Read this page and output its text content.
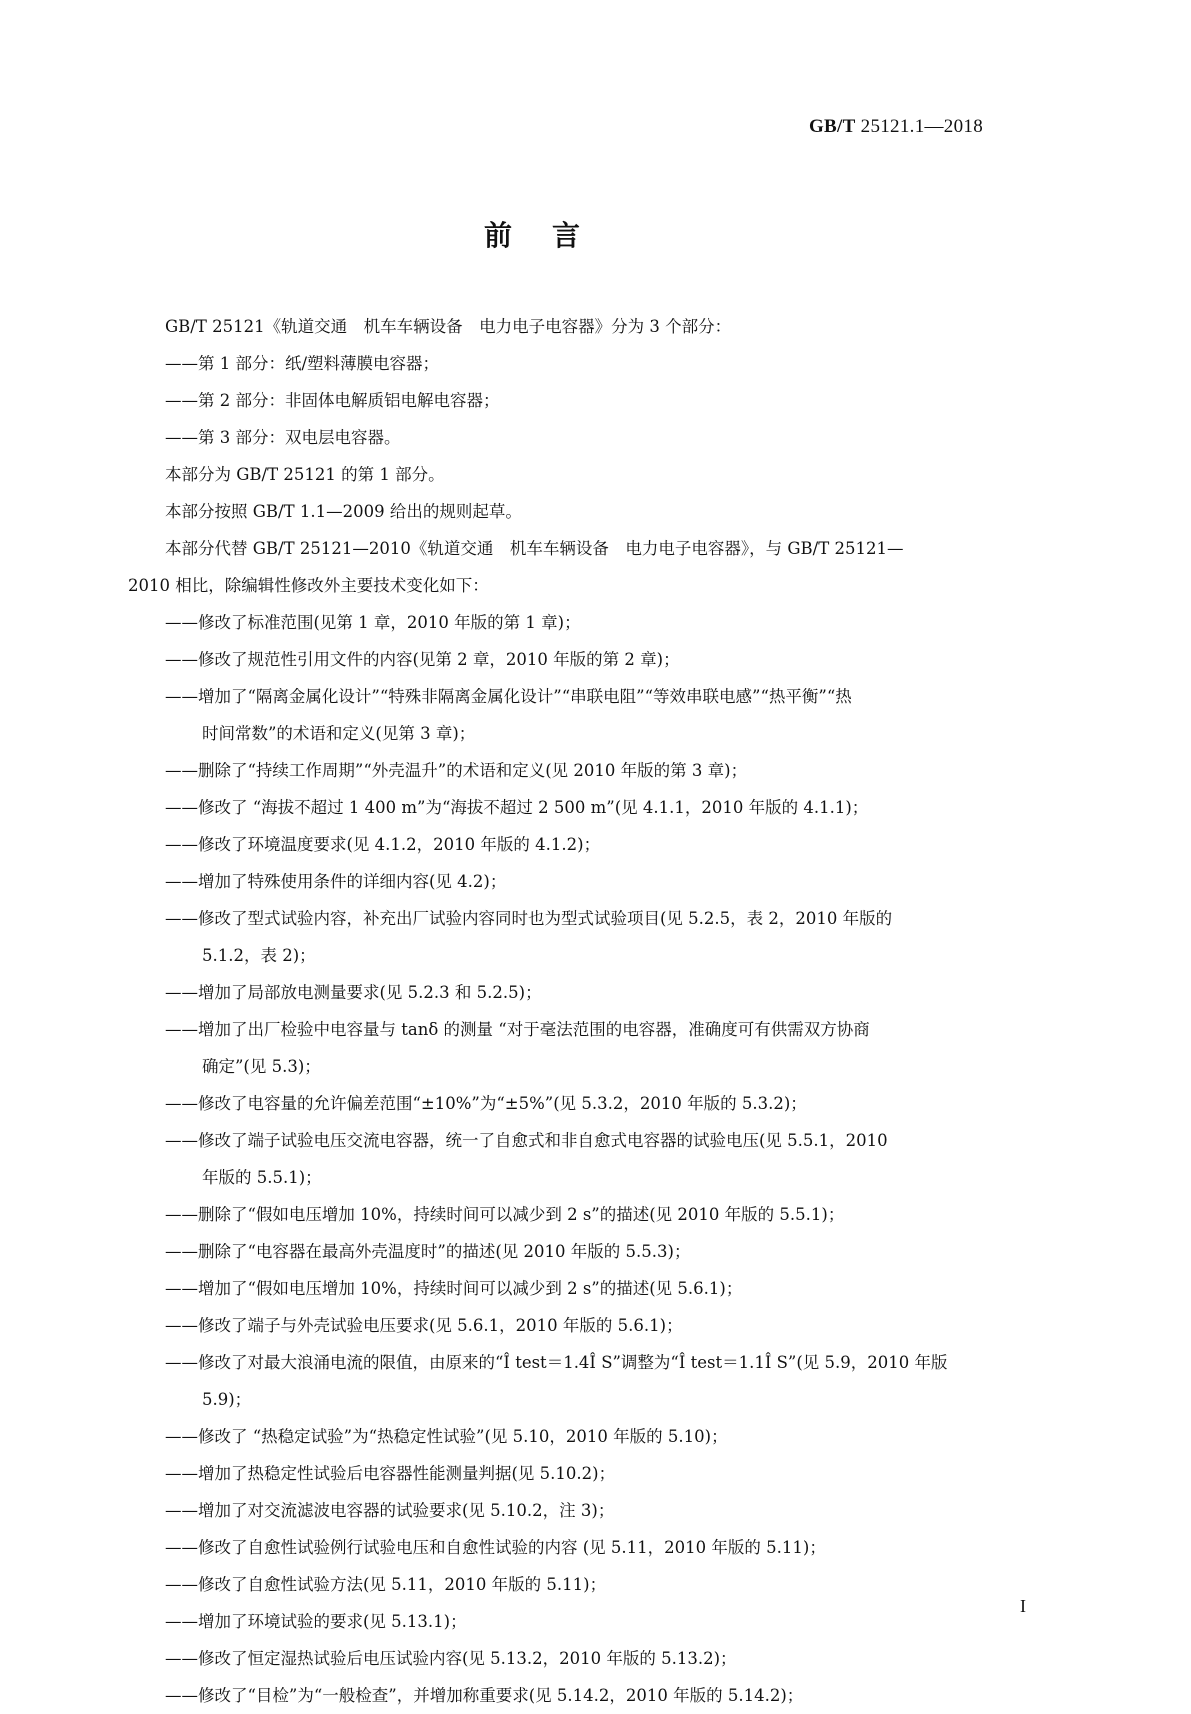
GB/T 25121.1—2018
前言
GB/T 25121《轨道交通　机车车辆设备　电力电子电容器》分为 3 个部分：
——第 1 部分：纸/塑料薄膜电容器；
——第 2 部分：非固体电解质铝电解电容器；
——第 3 部分：双电层电容器。
本部分为 GB/T 25121 的第 1 部分。
本部分按照 GB/T 1.1—2009 给出的规则起草。
本部分代替 GB/T 25121—2010《轨道交通　机车车辆设备　电力电子电容器》，与 GB/T 25121—
2010 相比，除编辑性修改外主要技术变化如下：
——修改了标准范围(见第 1 章，2010 年版的第 1 章)；
——修改了规范性引用文件的内容(见第 2 章，2010 年版的第 2 章)；
——增加了“隔离金属化设计”“特殊非隔离金属化设计”“串联电阻”“等效串联电感”“热平衡”“热
时间常数”的术语和定义(见第 3 章)；
——删除了“持续工作周期”“外壳温升”的术语和定义(见 2010 年版的第 3 章)；
——修改了 “海拔不超过 1 400 m”为“海拔不超过 2 500 m”(见 4.1.1，2010 年版的 4.1.1)；
——修改了环境温度要求(见 4.1.2，2010 年版的 4.1.2)；
——增加了特殊使用条件的详细内容(见 4.2)；
——修改了型式试验内容，补充出厂试验内容同时也为型式试验项目(见 5.2.5，表 2，2010 年版的
5.1.2，表 2)；
——增加了局部放电测量要求(见 5.2.3 和 5.2.5)；
——增加了出厂检验中电容量与 tanδ 的测量 “对于毫法范围的电容器，准确度可有供需双方协商
确定”(见 5.3)；
——修改了电容量的允许偏差范围“±10%”为“±5%”(见 5.3.2，2010 年版的 5.3.2)；
——修改了端子试验电压交流电容器，统一了自愈式和非自愈式电容器的试验电压(见 5.5.1，2010
年版的 5.5.1)；
——删除了“假如电压增加 10%，持续时间可以减少到 2 s”的描述(见 2010 年版的 5.5.1)；
——删除了“电容器在最高外壳温度时”的描述(见 2010 年版的 5.5.3)；
——增加了“假如电压增加 10%，持续时间可以减少到 2 s”的描述(见 5.6.1)；
——修改了端子与外壳试验电压要求(见 5.6.1，2010 年版的 5.6.1)；
——修改了对最大浪涌电流的限值，由原来的“Î test＝1.4Î S”调整为“Î test＝1.1Î S”(见 5.9，2010 年版
5.9)；
——修改了 “热稳定试验”为“热稳定性试验”(见 5.10，2010 年版的 5.10)；
——增加了热稳定性试验后电容器性能测量判据(见 5.10.2)；
——增加了对交流滤波电容器的试验要求(见 5.10.2，注 3)；
——修改了自愈性试验例行试验电压和自愈性试验的内容 (见 5.11，2010 年版的 5.11)；
——修改了自愈性试验方法(见 5.11，2010 年版的 5.11)；
——增加了环境试验的要求(见 5.13.1)；
——修改了恒定湿热试验后电压试验内容(见 5.13.2，2010 年版的 5.13.2)；
——修改了“目检”为“一般检查”，并增加称重要求(见 5.14.2，2010 年版的 5.14.2)；
I
